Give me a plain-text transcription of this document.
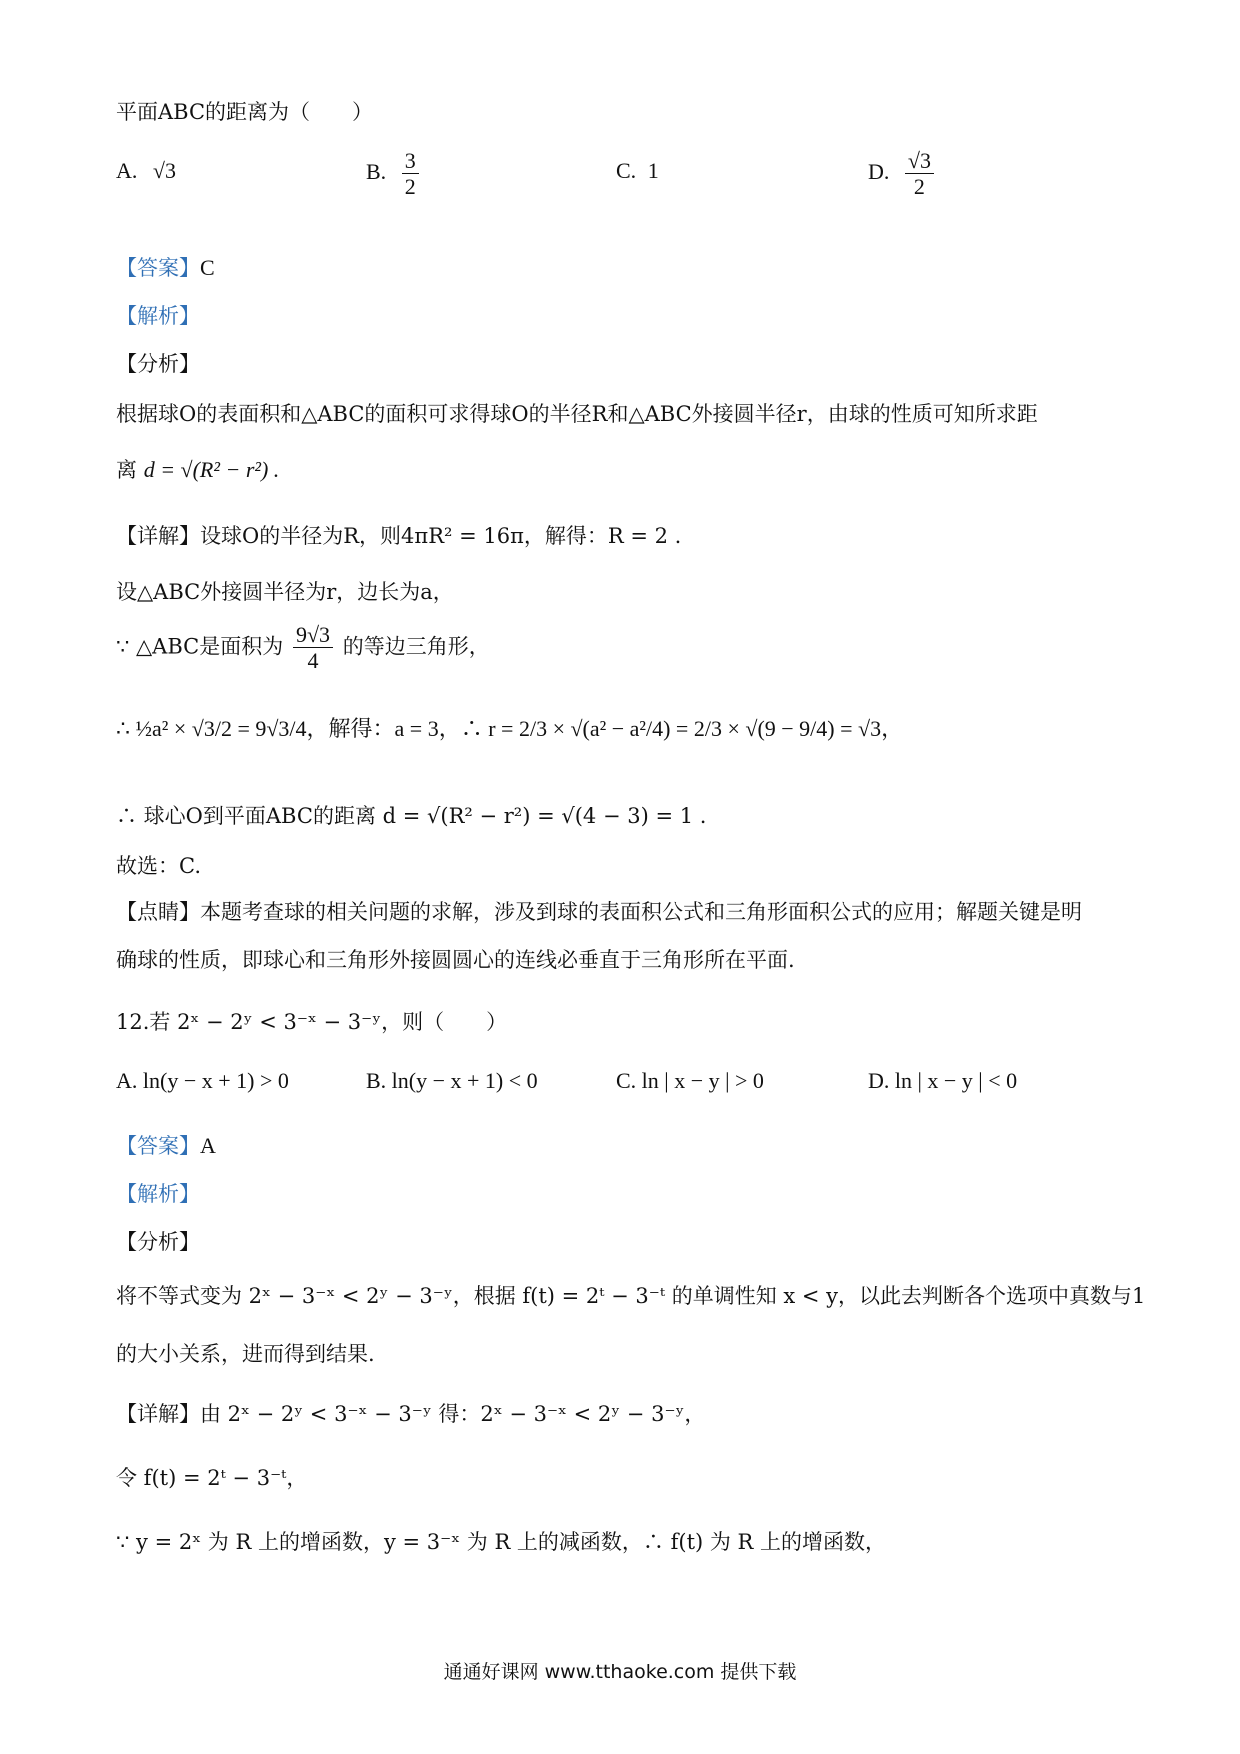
平面ABC的距离为（　　）
A. √3	B. $\frac{3}{2}$	C. 1	D. $\frac{√3}{2}$
【答案】C
【解析】
【分析】
根据球O的表面积和△ABC的面积可求得球O的半径R和△ABC外接圆半径r，由球的性质可知所求距
离 d = √(R² − r²) .
【详解】设球O的半径为R，则4πR² = 16π，解得：R = 2 .
设△ABC外接圆半径为r，边长为a，
∵ △ABC是面积为 $\frac{9√3}{4}$ 的等边三角形，
∴ ½a² × √3/2 = 9√3/4，解得：a = 3，∴ r = 2/3 × √(a² − a²/4) = 2/3 × √(9 − 9/4) = √3，
∴ 球心O到平面ABC的距离 d = √(R² − r²) = √(4 − 3) = 1 .
故选：C.
【点睛】本题考查球的相关问题的求解，涉及到球的表面积公式和三角形面积公式的应用；解题关键是明
确球的性质，即球心和三角形外接圆圆心的连线必垂直于三角形所在平面.
12.若 2ˣ − 2ʸ < 3⁻ˣ − 3⁻ʸ，则（　　）
A. ln(y − x + 1) > 0	B. ln(y − x + 1) < 0	C. ln | x − y | > 0	D. ln | x − y | < 0
【答案】A
【解析】
【分析】
将不等式变为 2ˣ − 3⁻ˣ < 2ʸ − 3⁻ʸ，根据 f(t) = 2ᵗ − 3⁻ᵗ 的单调性知 x < y，以此去判断各个选项中真数与1
的大小关系，进而得到结果.
【详解】由 2ˣ − 2ʸ < 3⁻ˣ − 3⁻ʸ 得：2ˣ − 3⁻ˣ < 2ʸ − 3⁻ʸ，
令 f(t) = 2ᵗ − 3⁻ᵗ，
∵ y = 2ˣ 为 R 上的增函数，y = 3⁻ˣ 为 R 上的减函数，∴ f(t) 为 R 上的增函数，
通通好课网 www.tthaoke.com 提供下载
